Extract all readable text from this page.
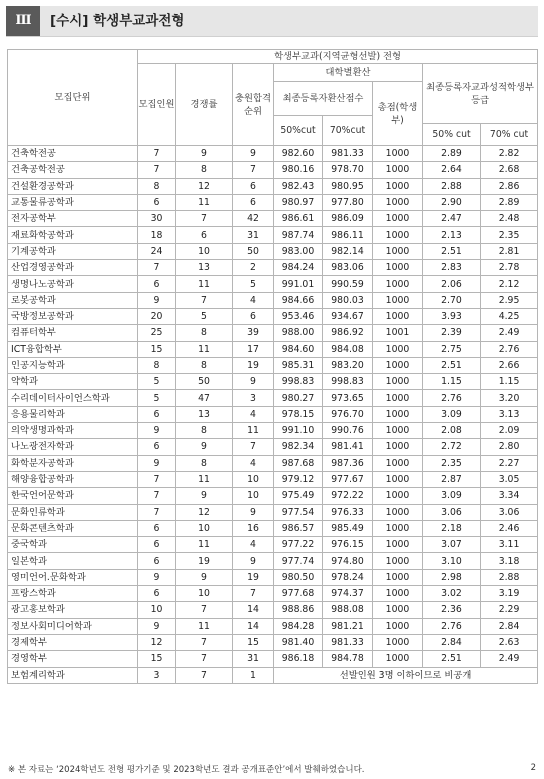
III	[수시] 학생부교과전형
모집단위	학생부교과(지역균형선발) 전형							
	모집인원	경쟁률	충원합격순위	대학별환산			최종등록자교과성적학생부등급	
				최종등록자환산점수		총점(학생부)		
				50%cut	70%cut			
							50% cut	70% cut
건축학전공	7	9	9	982.60	981.33	1000	2.89	2.82
건축공학전공	7	8	7	980.16	978.70	1000	2.64	2.68
건설환경공학과	8	12	6	982.43	980.95	1000	2.88	2.86
교통물류공학과	6	11	6	980.97	977.80	1000	2.90	2.89
전자공학부	30	7	42	986.61	986.09	1000	2.47	2.48
재료화학공학과	18	6	31	987.74	986.11	1000	2.13	2.35
기계공학과	24	10	50	983.00	982.14	1000	2.51	2.81
산업경영공학과	7	13	2	984.24	983.06	1000	2.83	2.78
생명나노공학과	6	11	5	991.01	990.59	1000	2.06	2.12
로봇공학과	9	7	4	984.66	980.03	1000	2.70	2.95
국방정보공학과	20	5	6	953.46	934.67	1000	3.93	4.25
컴퓨터학부	25	8	39	988.00	986.92	1001	2.39	2.49
ICT융합학부	15	11	17	984.60	984.08	1000	2.75	2.76
인공지능학과	8	8	19	985.31	983.20	1000	2.51	2.66
약학과	5	50	9	998.83	998.83	1000	1.15	1.15
수리데이터사이언스학과	5	47	3	980.27	973.65	1000	2.76	3.20
응용물리학과	6	13	4	978.15	976.70	1000	3.09	3.13
의약생명과학과	9	8	11	991.10	990.76	1000	2.08	2.09
나노광전자학과	6	9	7	982.34	981.41	1000	2.72	2.80
화학분자공학과	9	8	4	987.68	987.36	1000	2.35	2.27
해양융합공학과	7	11	10	979.12	977.67	1000	2.87	3.05
한국언어문학과	7	9	10	975.49	972.22	1000	3.09	3.34
문화인류학과	7	12	9	977.54	976.33	1000	3.06	3.06
문화콘텐츠학과	6	10	16	986.57	985.49	1000	2.18	2.46
중국학과	6	11	4	977.22	976.15	1000	3.07	3.11
일본학과	6	19	9	977.74	974.80	1000	3.10	3.18
영미언어.문화학과	9	9	19	980.50	978.24	1000	2.98	2.88
프랑스학과	6	10	7	977.68	974.37	1000	3.02	3.19
광고홍보학과	10	7	14	988.86	988.08	1000	2.36	2.29
정보사회미디어학과	9	11	14	984.28	981.21	1000	2.76	2.84
경제학부	12	7	15	981.40	981.33	1000	2.84	2.63
경영학부	15	7	31	986.18	984.78	1000	2.51	2.49
보험계리학과	3	7	1	선발인원 3명 이하이므로 비공개				
※ 본 자료는 ‘2024학년도 전형 평가기준 및 2023학년도 결과 공개표준안’에서 발췌하였습니다.	2
